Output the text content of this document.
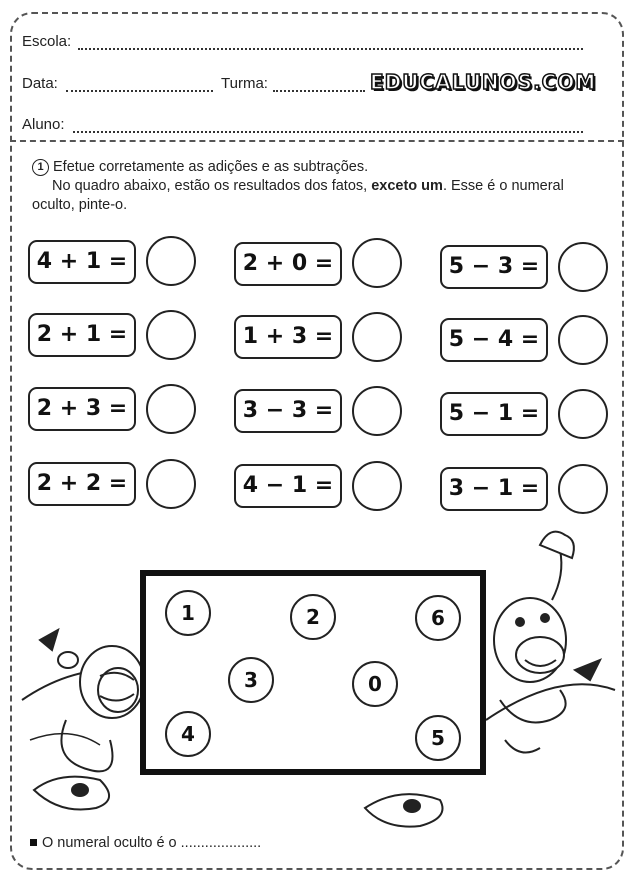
Escola:
Data:	Turma:	EDUCALUNOS.COM
Aluno:
1 Efetue corretamente as adições e as subtrações.
No quadro abaixo, estão os resultados dos fatos, exceto um. Esse é o numeral
oculto, pinte-o.
4 + 1 =	2 + 0 =	5 − 3 =
2 + 1 =	1 + 3 =	5 − 4 =
2 + 3 =	3 − 3 =	5 − 1 =
2 + 2 =	4 − 1 =	3 − 1 =
1	2	6
3	0
4	5
O numeral oculto é o ....................
